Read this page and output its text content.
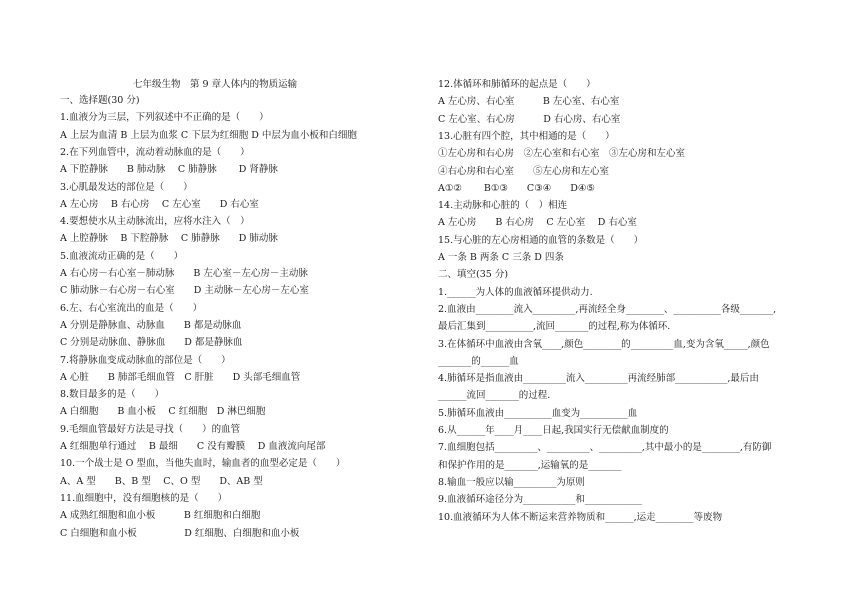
七年级生物　第 9 章人体内的物质运输
一、选择题(30 分)
1.血液分为三层，下列叙述中不正确的是（　　）
A 上层为血清 B 上层为血浆 C 下层为红细胞 D 中层为血小板和白细胞
2.在下列血管中，流动着动脉血的是（　　）
A 下腔静脉　　B 肺动脉　 C 肺静脉　　 D 肾静脉
3.心肌最发达的部位是（　　）
A 左心房　 B 右心房　 C 左心室　　D 右心室
4.要想使水从主动脉流出，应将水注入（　）
A 上腔静脉　 B 下腔静脉　 C 肺静脉　　D 肺动脉
5.血液流动正确的是（　　）
A 右心房－右心室－肺动脉　　B 左心室－左心房－主动脉
C 肺动脉－右心房－右心室　　D 主动脉－左心房－左心室
6.左、右心室流出的血是（　　）
A 分别是静脉血、动脉血　　B 都是动脉血
C 分别是动脉血、静脉血　　D 都是静脉血
7.将静脉血变成动脉血的部位是（　　）
A 心脏　　B 肺部毛细血管　C 肝脏　　D 头部毛细血管
8.数目最多的是（　　）
A 白细胞　　B 血小板　 C 红细胞　D 淋巴细胞
9.毛细血管最好方法是寻找（　　）的血管
A 红细胞单行通过　 B 最细　　C 没有瓣膜　 D 血液流向尾部
10.一个战士是 O 型血，当他失血时，输血者的血型必定是（　　）
A、A 型　　B、B 型　 C、O 型　　D、AB 型
11.血细胞中，没有细胞核的是（　　）
A 成熟红细胞和血小板　　　B 红细胞和白细胞
C 白细胞和血小板　　　　　D 红细胞、白细胞和血小板
12.体循环和肺循环的起点是（　　）
A 左心房、右心室　　　B 左心室、右心室
C 左心室、右心房　　　D 右心房、右心室
13.心脏有四个腔，其中相通的是（　　）
①左心房和右心房　②左心室和右心室　③左心房和左心室
④右心房和右心室　　⑤左心房和左心室
A①②　　 B①③　　C③④　　D④⑤
14.主动脉和心脏的（　）相连
A 左心房　　B 右心房　 C 左心室　 D 右心室
15.与心脏的左心房相通的血管的条数是（　　）
A 一条 B 两条 C 三条 D 四条
二、填空(35 分)
1.______为人体的血液循环提供动力.
2.血液由________流入_________,再流经全身________、__________各级_______,
最后汇集到__________,流回_______的过程,称为体循环.
3.在体循环中血液由含氧____,颜色________的_________血,变为含氧_____,颜色
_______的______血
4.肺循环是指血液由_________流入_________再流经肺部___________,最后由
______流回_______的过程.
5.肺循环血液由__________血变为__________血
6.从______年____月____日起,我国实行无偿献血制度的
7.血细胞包括_________、_________、_________,其中最小的是________,有防御
和保护作用的是_______,运输氧的是_______
8.输血一般应以输_________为原则
9.血液循环途径分为___________和____________
10.血液循环为人体不断运来营养物质和______,运走________等废物
